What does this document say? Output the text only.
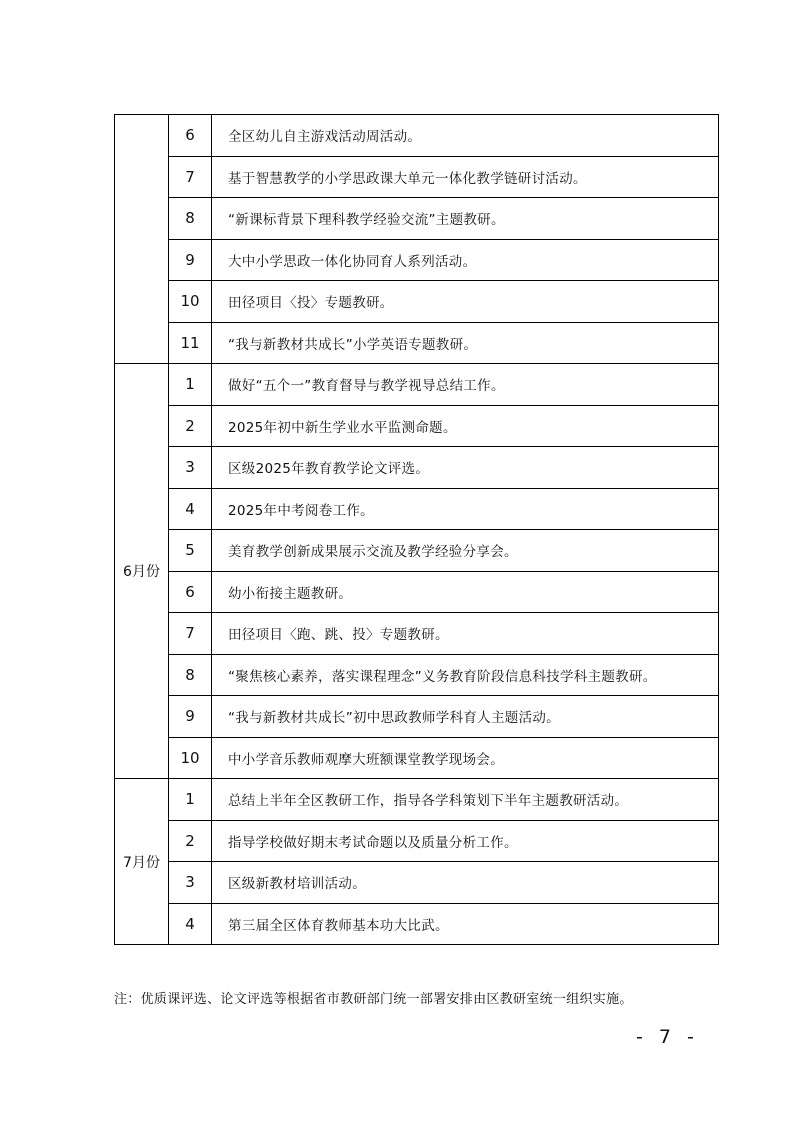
	6	全区幼儿自主游戏活动周活动。
	7	基于智慧教学的小学思政课大单元一体化教学链研讨活动。
	8	“新课标背景下理科教学经验交流”主题教研。
	9	大中小学思政一体化协同育人系列活动。
	10	田径项目〈投〉专题教研。
	11	“我与新教材共成长”小学英语专题教研。
6月份	1	做好“五个一”教育督导与教学视导总结工作。
	2	2025年初中新生学业水平监测命题。
	3	区级2025年教育教学论文评选。
	4	2025年中考阅卷工作。
	5	美育教学创新成果展示交流及教学经验分享会。
	6	幼小衔接主题教研。
	7	田径项目〈跑、跳、投〉专题教研。
	8	“聚焦核心素养，落实课程理念”义务教育阶段信息科技学科主题教研。
	9	“我与新教材共成长”初中思政教师学科育人主题活动。
	10	中小学音乐教师观摩大班额课堂教学现场会。
7月份	1	总结上半年全区教研工作，指导各学科策划下半年主题教研活动。
	2	指导学校做好期末考试命题以及质量分析工作。
	3	区级新教材培训活动。
	4	第三届全区体育教师基本功大比武。
注：优质课评选、论文评选等根据省市教研部门统一部署安排由区教研室统一组织实施。
- 7 -
